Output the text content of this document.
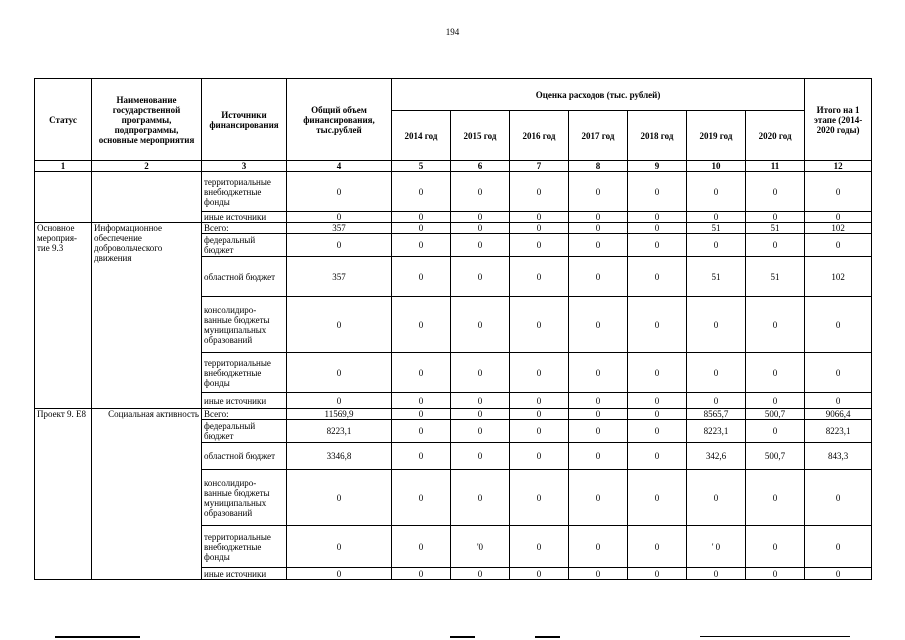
194
Статус	Наименование государственной программы, подпрограммы, основные мероприятия	Источники финансирования	Общий объем финансирования, тыс.рублей	Оценка расходов (тыс. рублей)							Итого на 1 этапе (2014-2020 годы)
				2014 год	2015 год	2016 год	2017 год	2018 год	2019 год	2020 год	
1	2	3	4	5	6	7	8	9	10	11	12
		территориальные внебюджетные фонды	0	0	0	0	0	0	0	0	0
		иные источники	0	0	0	0	0	0	0	0	0
Основное мероприя-тие 9.3	Информационное обеспечение добровольческого движения	Всего:	357	0	0	0	0	0	51	51	102
		федеральный бюджет	0	0	0	0	0	0	0	0	0
		областной бюджет	357	0	0	0	0	0	51	51	102
		консолидиро-ванные бюджеты муниципальных образований	0	0	0	0	0	0	0	0	0
		территориальные внебюджетные фонды	0	0	0	0	0	0	0	0	0
		иные источники	0	0	0	0	0	0	0	0	0
Проект 9. Е8	Социальная активность	Всего:	11569,9	0	0	0	0	0	8565,7	500,7	9066,4
		федеральный бюджет	8223,1	0	0	0	0	0	8223,1	0	8223,1
		областной бюджет	3346,8	0	0	0	0	0	342,6	500,7	843,3
		консолидиро-ванные бюджеты муниципальных образований	0	0	0	0	0	0	0	0	0
		территориальные внебюджетные фонды	0	0	'0	0	0	0	' 0	0	0
		иные источники	0	0	0	0	0	0	0	0	0
